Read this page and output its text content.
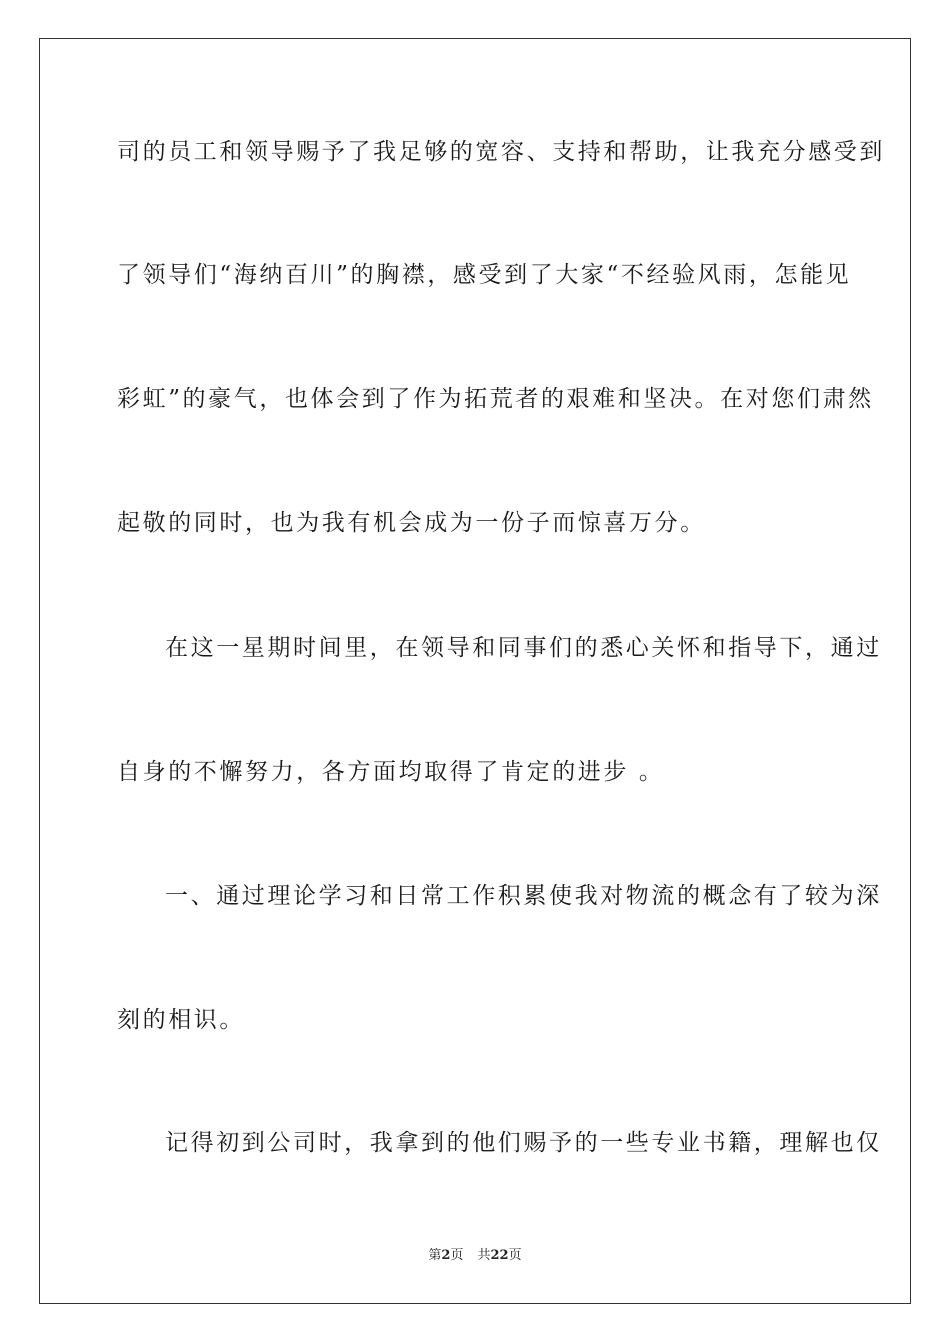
司的员工和领导赐予了我足够的宽容、支持和帮助，让我充分感受到
了领导们“海纳百川”的胸襟，感受到了大家“不经验风雨，怎能见
彩虹”的豪气，也体会到了作为拓荒者的艰难和坚决。在对您们肃然
起敬的同时，也为我有机会成为一份子而惊喜万分。
在这一星期时间里，在领导和同事们的悉心关怀和指导下，通过
自身的不懈努力，各方面均取得了肯定的进步 。
一、通过理论学习和日常工作积累使我对物流的概念有了较为深
刻的相识。
记得初到公司时，我拿到的他们赐予的一些专业书籍，理解也仅
第2页 共22页
